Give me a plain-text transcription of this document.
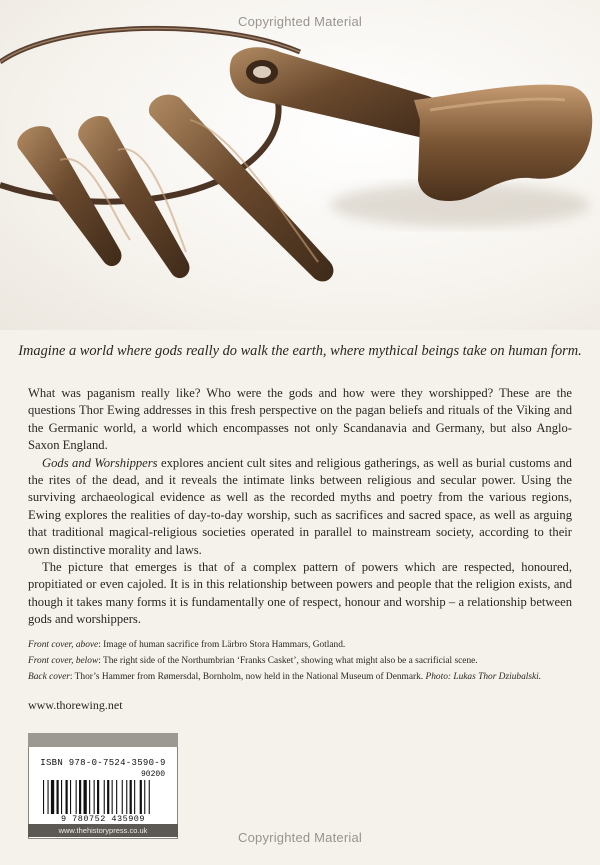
Copyrighted Material
Imagine a world where gods really do walk the earth, where mythical beings take on human form.

What was paganism really like? Who were the gods and how were they worshipped? These are the questions Thor Ewing addresses in this fresh perspective on the pagan beliefs and rituals of the Viking and the Germanic world, a world which encompasses not only Scandanavia and Germany, but also Anglo-Saxon England.

Gods and Worshippers explores ancient cult sites and religious gatherings, as well as burial customs and the rites of the dead, and it reveals the intimate links between religious and secular power. Using the surviving archaeological evidence as well as the recorded myths and poetry from the various regions, Ewing explores the realities of day-to-day worship, such as sacrifices and sacred space, as well as arguing that traditional magical-religious societies operated in parallel to mainstream society, according to their own distinctive morality and laws.

The picture that emerges is that of a complex pattern of powers which are respected, honoured, propitiated or even cajoled. It is in this relationship between powers and people that the religion exists, and though it takes many forms it is fundamentally one of respect, honour and worship – a relationship between gods and worshippers.

Front cover, above: Image of human sacrifice from Lärbro Stora Hammars, Gotland.
Front cover, below: The right side of the Northumbrian ‘Franks Casket’, showing what might also be a sacrificial scene.
Back cover: Thor’s Hammer from Rømersdal, Bornholm, now held in the National Museum of Denmark. Photo: Lukas Thor Dziubalski.
www.thorewing.net
ISBN 978-0-7524-3590-9
90200
9 780752 435909
www.thehistorypress.co.uk	Copyrighted Material
